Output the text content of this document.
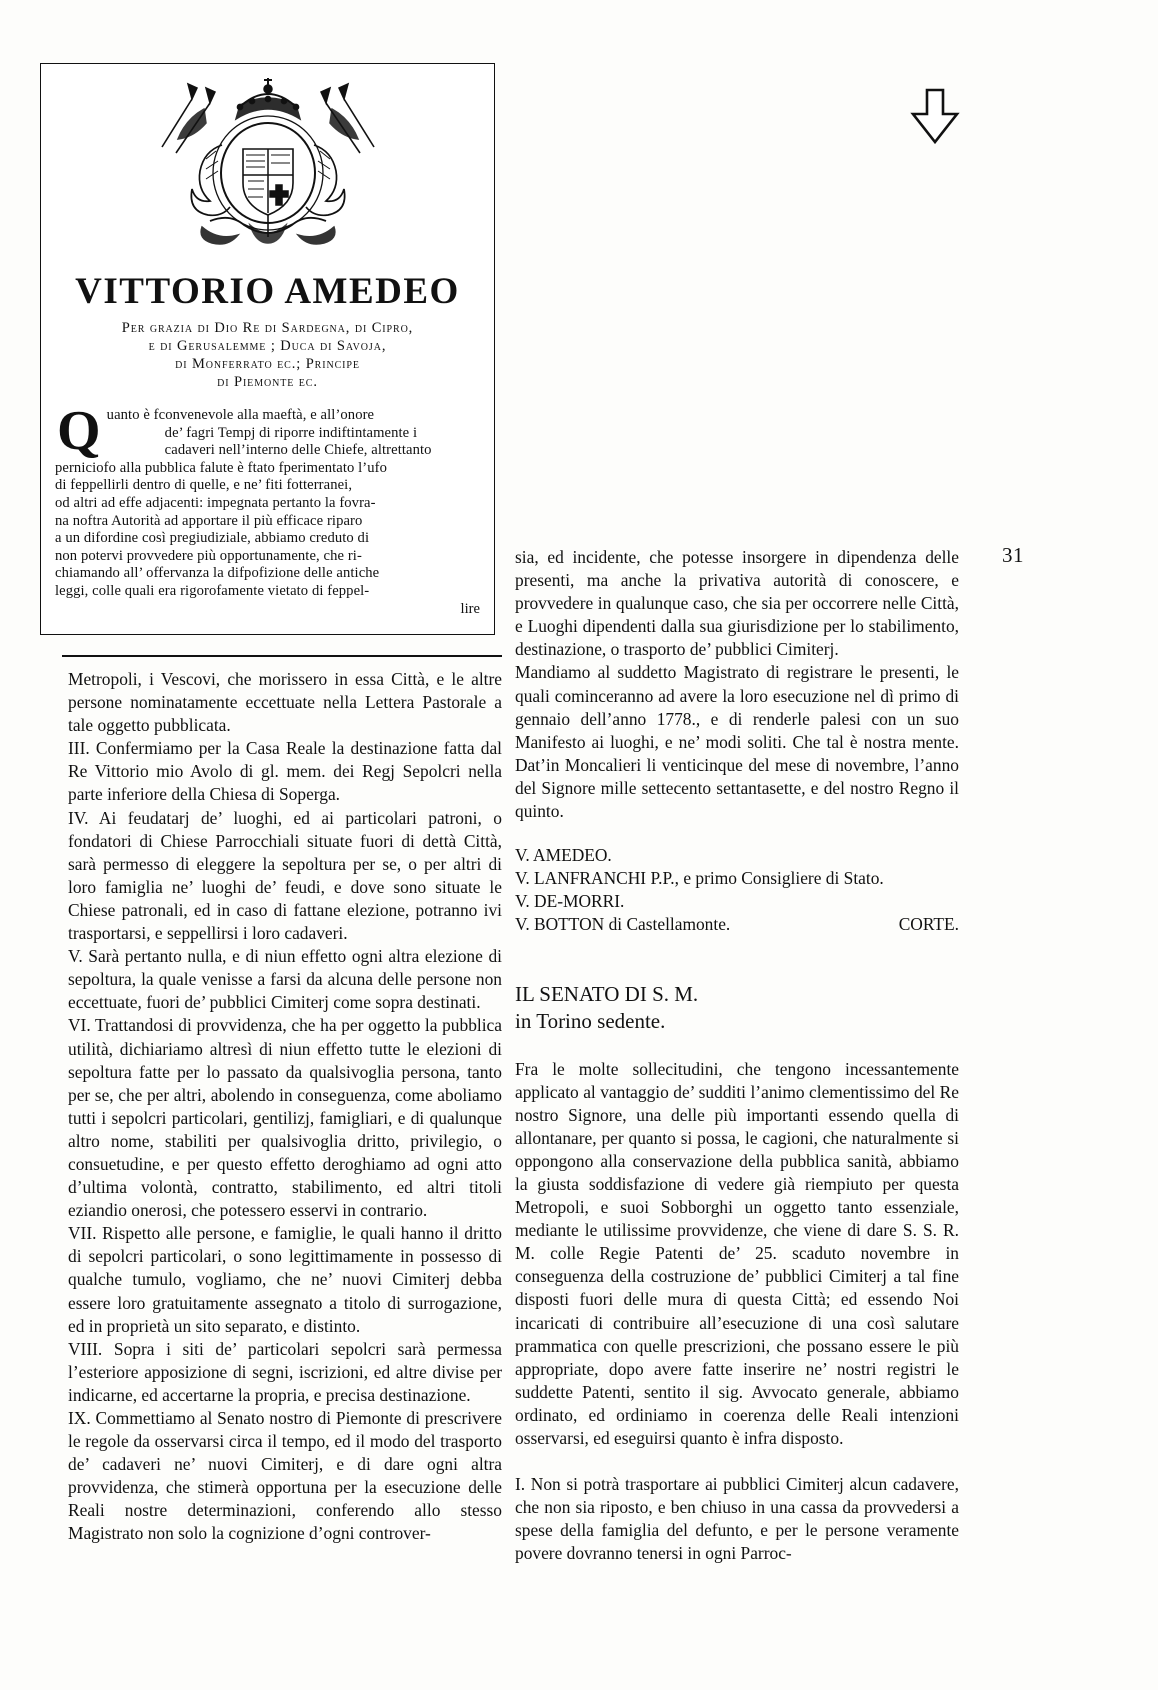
31
VITTORIO AMEDEO
Per grazia di Dio Re di Sardegna, di Cipro,
e di Gerusalemme ; Duca di Savoja,
di Monferrato ec.; Principe
di Piemonte ec.
Q uanto è fconvenevole alla maeftà, e all’onore
de’ fagri Tempj di riporre indiftintamente i
cadaveri nell’interno delle Chiefe, altrettanto
perniciofo alla pubblica falute è ftato fperimentato l’ufo
di feppellirli dentro di quelle, e ne’ fiti fotterranei,
od altri ad effe adjacenti: impegnata pertanto la fovra-
na noftra Autorità ad apportare il più efficace riparo
a un difordine così pregiudiziale, abbiamo creduto di
non potervi provvedere più opportunamente, che ri-
chiamando all’ offervanza la difpofizione delle antiche
leggi, colle quali era rigorofamente vietato di feppel-
lire

Metropoli, i Vescovi, che morissero in essa Città, e le altre persone nominatamente eccettuate nella Lettera Pastorale a tale oggetto pubblicata.

III. Confermiamo per la Casa Reale la destinazione fatta dal Re Vittorio mio Avolo di gl. mem. dei Regj Sepolcri nella parte inferiore della Chiesa di Soperga.

IV. Ai feudatarj de’ luoghi, ed ai particolari patroni, o fondatori di Chiese Parrocchiali situate fuori di dettà Città, sarà permesso di eleggere la sepoltura per se, o per altri di loro famiglia ne’ luoghi de’ feudi, e dove sono situate le Chiese patronali, ed in caso di fattane elezione, potranno ivi trasportarsi, e seppellirsi i loro cadaveri.

V. Sarà pertanto nulla, e di niun effetto ogni altra elezione di sepoltura, la quale venisse a farsi da alcuna delle persone non eccettuate, fuori de’ pubblici Cimiterj come sopra destinati.

VI. Trattandosi di provvidenza, che ha per oggetto la pubblica utilità, dichiariamo altresì di niun effetto tutte le elezioni di sepoltura fatte per lo passato da qualsivoglia persona, tanto per se, che per altri, abolendo in conseguenza, come aboliamo tutti i sepolcri particolari, gentilizj, famigliari, e di qualunque altro nome, stabiliti per qualsivoglia dritto, privilegio, o consuetudine, e per questo effetto deroghiamo ad ogni atto d’ultima volontà, contratto, stabilimento, ed altri titoli eziandio onerosi, che potessero esservi in contrario.

VII. Rispetto alle persone, e famiglie, le quali hanno il dritto di sepolcri particolari, o sono legittimamente in possesso di qualche tumulo, vogliamo, che ne’ nuovi Cimiterj debba essere loro gratuitamente assegnato a titolo di surrogazione, ed in proprietà un sito separato, e distinto.

VIII. Sopra i siti de’ particolari sepolcri sarà permessa l’esteriore apposizione di segni, iscrizioni, ed altre divise per indicarne, ed accertarne la propria, e precisa destinazione.

IX. Commettiamo al Senato nostro di Piemonte di prescrivere le regole da osservarsi circa il tempo, ed il modo del trasporto de’ cadaveri ne’ nuovi Cimiterj, e di dare ogni altra provvidenza, che stimerà opportuna per la esecuzione delle Reali nostre determinazioni, conferendo allo stesso Magistrato non solo la cognizione d’ogni controver-

sia, ed incidente, che potesse insorgere in dipendenza delle presenti, ma anche la privativa autorità di conoscere, e provvedere in qualunque caso, che sia per occorrere nelle Città, e Luoghi dipendenti dalla sua giurisdizione per lo stabilimento, destinazione, o trasporto de’ pubblici Cimiterj.

Mandiamo al suddetto Magistrato di registrare le presenti, le quali cominceranno ad avere la loro esecuzione nel dì primo di gennaio dell’anno 1778., e di renderle palesi con un suo Manifesto ai luoghi, e ne’ modi soliti. Che tal è nostra mente. Dat’in Moncalieri li venticinque del mese di novembre, l’anno del Signore mille settecento settantasette, e del nostro Regno il quinto.

V. AMEDEO.
V. LANFRANCHI P.P., e primo Consigliere di Stato.
V. DE-MORRI.
V. BOTTON di Castellamonte.	CORTE.
IL SENATO DI S. M.
in Torino sedente.

Fra le molte sollecitudini, che tengono incessantemente applicato al vantaggio de’ sudditi l’animo clementissimo del Re nostro Signore, una delle più importanti essendo quella di allontanare, per quanto si possa, le cagioni, che naturalmente si oppongono alla conservazione della pubblica sanità, abbiamo la giusta soddisfazione di vedere già riempiuto per questa Metropoli, e suoi Sobborghi un oggetto tanto essenziale, mediante le utilissime provvidenze, che viene di dare S. S. R. M. colle Regie Patenti de’ 25. scaduto novembre in conseguenza della costruzione de’ pubblici Cimiterj a tal fine disposti fuori delle mura di questa Città; ed essendo Noi incaricati di contribuire all’esecuzione di una così salutare prammatica con quelle prescrizioni, che possano essere le più appropriate, dopo avere fatte inserire ne’ nostri registri le suddette Patenti, sentito il sig. Avvocato generale, abbiamo ordinato, ed ordiniamo in coerenza delle Reali intenzioni osservarsi, ed eseguirsi quanto è infra disposto.

I. Non si potrà trasportare ai pubblici Cimiterj alcun cadavere, che non sia riposto, e ben chiuso in una cassa da provvedersi a spese della famiglia del defunto, e per le persone veramente povere dovranno tenersi in ogni Parroc-
